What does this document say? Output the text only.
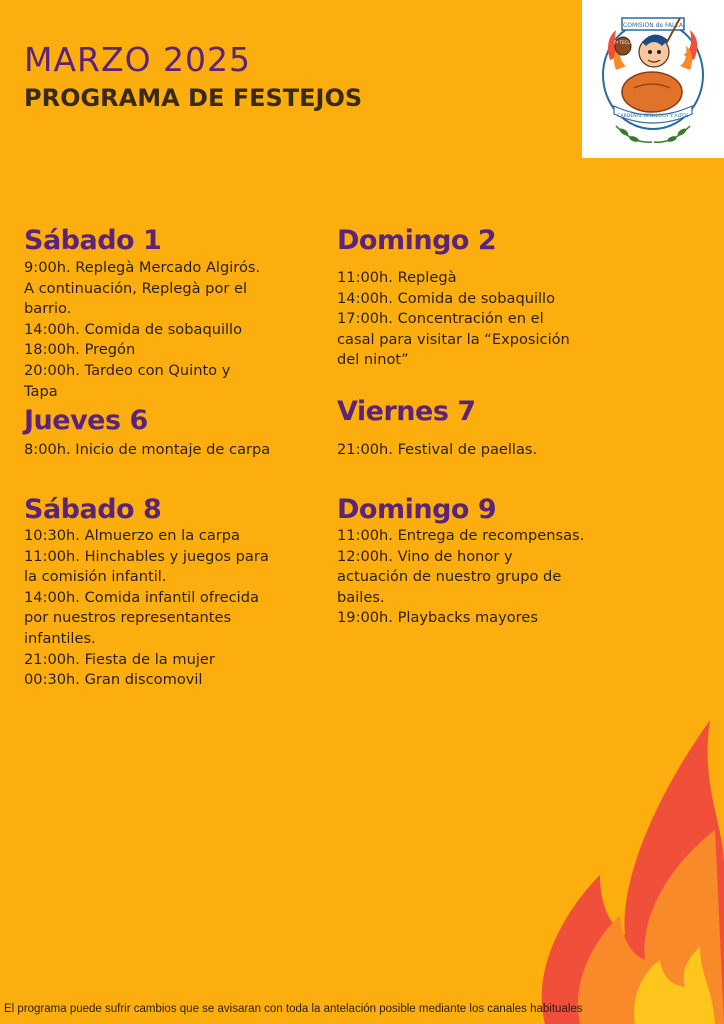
MARZO 2025
PROGRAMA DE FESTEJOS
COMISION de FALLA
Cª TECLA
CARDENAL BENLLOCH Y ALTOS
Sábado 1
9:00h. Replegà Mercado Algirós.
A continuación, Replegà por el
barrio.
14:00h. Comida de sobaquillo
18:00h. Pregón
20:00h. Tardeo con Quinto y
Tapa
Domingo 2
11:00h. Replegà
14:00h. Comida de sobaquillo
17:00h. Concentración en el
casal para visitar la “Exposición
del ninot”
Jueves 6
8:00h. Inicio de montaje de carpa
Viernes 7
21:00h. Festival de paellas.
Sábado 8
10:30h. Almuerzo en la carpa
11:00h. Hinchables y juegos para
la comisión infantil.
14:00h. Comida infantil ofrecida
por nuestros representantes
infantiles.
21:00h. Fiesta de la mujer
00:30h. Gran discomovil
Domingo 9
11:00h. Entrega de recompensas.
12:00h. Vino de honor y
actuación de nuestro grupo de
bailes.
19:00h. Playbacks mayores
El programa puede sufrir cambios que se avisaran con toda la antelación posible mediante los canales habituales
